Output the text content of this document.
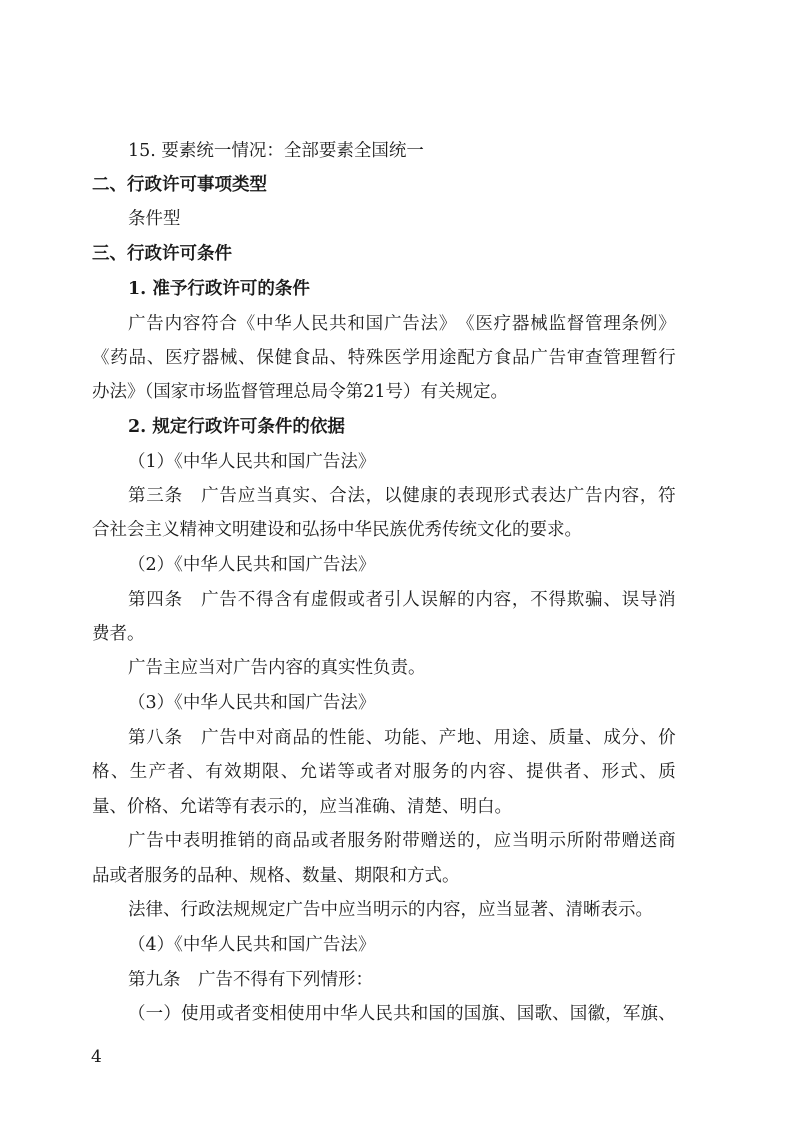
15. 要素统一情况：全部要素全国统一
二、行政许可事项类型
条件型
三、行政许可条件
1. 准予行政许可的条件
广 告 内 容 符 合 《 中 华 人 民 共 和 国 广 告 法 》 《 医 疗 器 械 监 督 管 理 条 例 》
《 药 品 、 医 疗 器 械 、 保 健 食 品 、 特 殊 医 学 用 途 配 方 食 品 广 告 审 查 管 理 暂 行
办法》（国家市场监督管理总局令第21号）有关规定。
2. 规定行政许可条件的依据
（1）《中华人民共和国广告法》
第 三 条
　 广 告 应 当 真 实 、 合 法 ， 以 健 康 的 表 现 形 式 表 达 广 告 内 容 ， 符
合社会主义精神文明建设和弘扬中华民族优秀传统文化的要求。
（2）《中华人民共和国广告法》
第 四 条
　 广 告 不 得 含 有 虚 假 或 者 引 人 误 解 的 内 容 ， 不 得 欺 骗 、 误 导 消
费者。
广告主应当对广告内容的真实性负责。
（3）《中华人民共和国广告法》
第 八 条
　 广 告 中 对 商 品 的 性 能 、 功 能 、 产 地 、 用 途 、 质 量 、 成 分 、 价
格 、 生 产 者 、 有 效 期 限 、 允 诺 等 或 者 对 服 务 的 内 容 、 提 供 者 、 形 式 、 质
量、价格、允诺等有表示的，应当准确、清楚、明白。
广 告 中 表 明 推 销 的 商 品 或 者 服 务 附 带 赠 送 的 ， 应 当 明 示 所 附 带 赠 送 商
品或者服务的品种、规格、数量、期限和方式。
法律、行政法规规定广告中应当明示的内容，应当显著、清晰表示。
（4）《中华人民共和国广告法》
第九条　广告不得有下列情形：
（ 一 ） 使 用 或 者 变 相 使 用 中 华 人 民 共 和 国 的 国 旗 、 国 歌 、 国 徽 ， 军 旗 、
4
